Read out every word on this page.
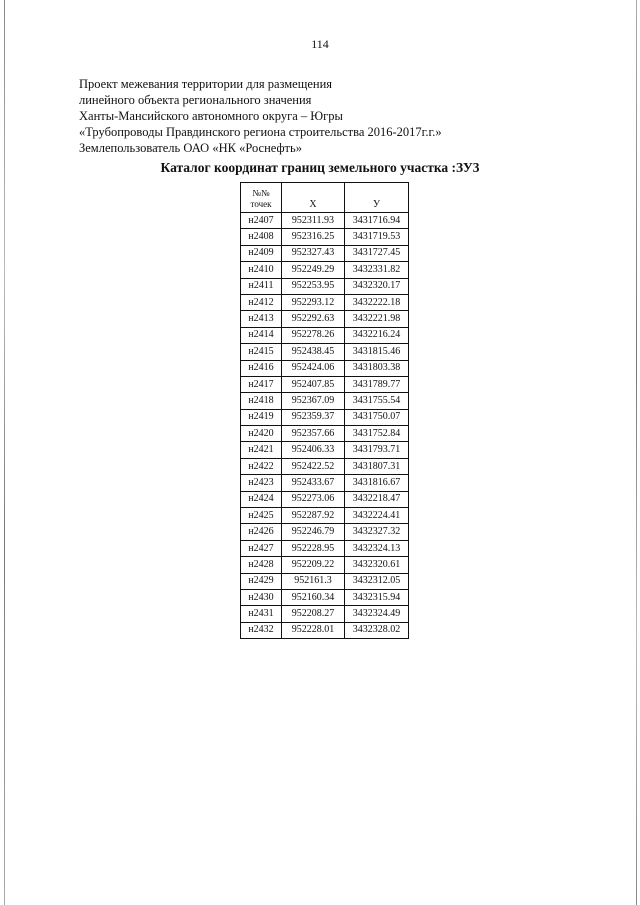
114
Проект межевания территории для размещения
линейного объекта регионального значения
Ханты-Мансийского автономного округа – Югры
«Трубопроводы Правдинского региона строительства 2016-2017г.г.»
Землепользователь ОАО «НК «Роснефть»
Каталог координат границ земельного участка :ЗУ3
№№
точек	X	У
н2407	952311.93	3431716.94
н2408	952316.25	3431719.53
н2409	952327.43	3431727.45
н2410	952249.29	3432331.82
н2411	952253.95	3432320.17
н2412	952293.12	3432222.18
н2413	952292.63	3432221.98
н2414	952278.26	3432216.24
н2415	952438.45	3431815.46
н2416	952424.06	3431803.38
н2417	952407.85	3431789.77
н2418	952367.09	3431755.54
н2419	952359.37	3431750.07
н2420	952357.66	3431752.84
н2421	952406.33	3431793.71
н2422	952422.52	3431807.31
н2423	952433.67	3431816.67
н2424	952273.06	3432218.47
н2425	952287.92	3432224.41
н2426	952246.79	3432327.32
н2427	952228.95	3432324.13
н2428	952209.22	3432320.61
н2429	952161.3	3432312.05
н2430	952160.34	3432315.94
н2431	952208.27	3432324.49
н2432	952228.01	3432328.02
